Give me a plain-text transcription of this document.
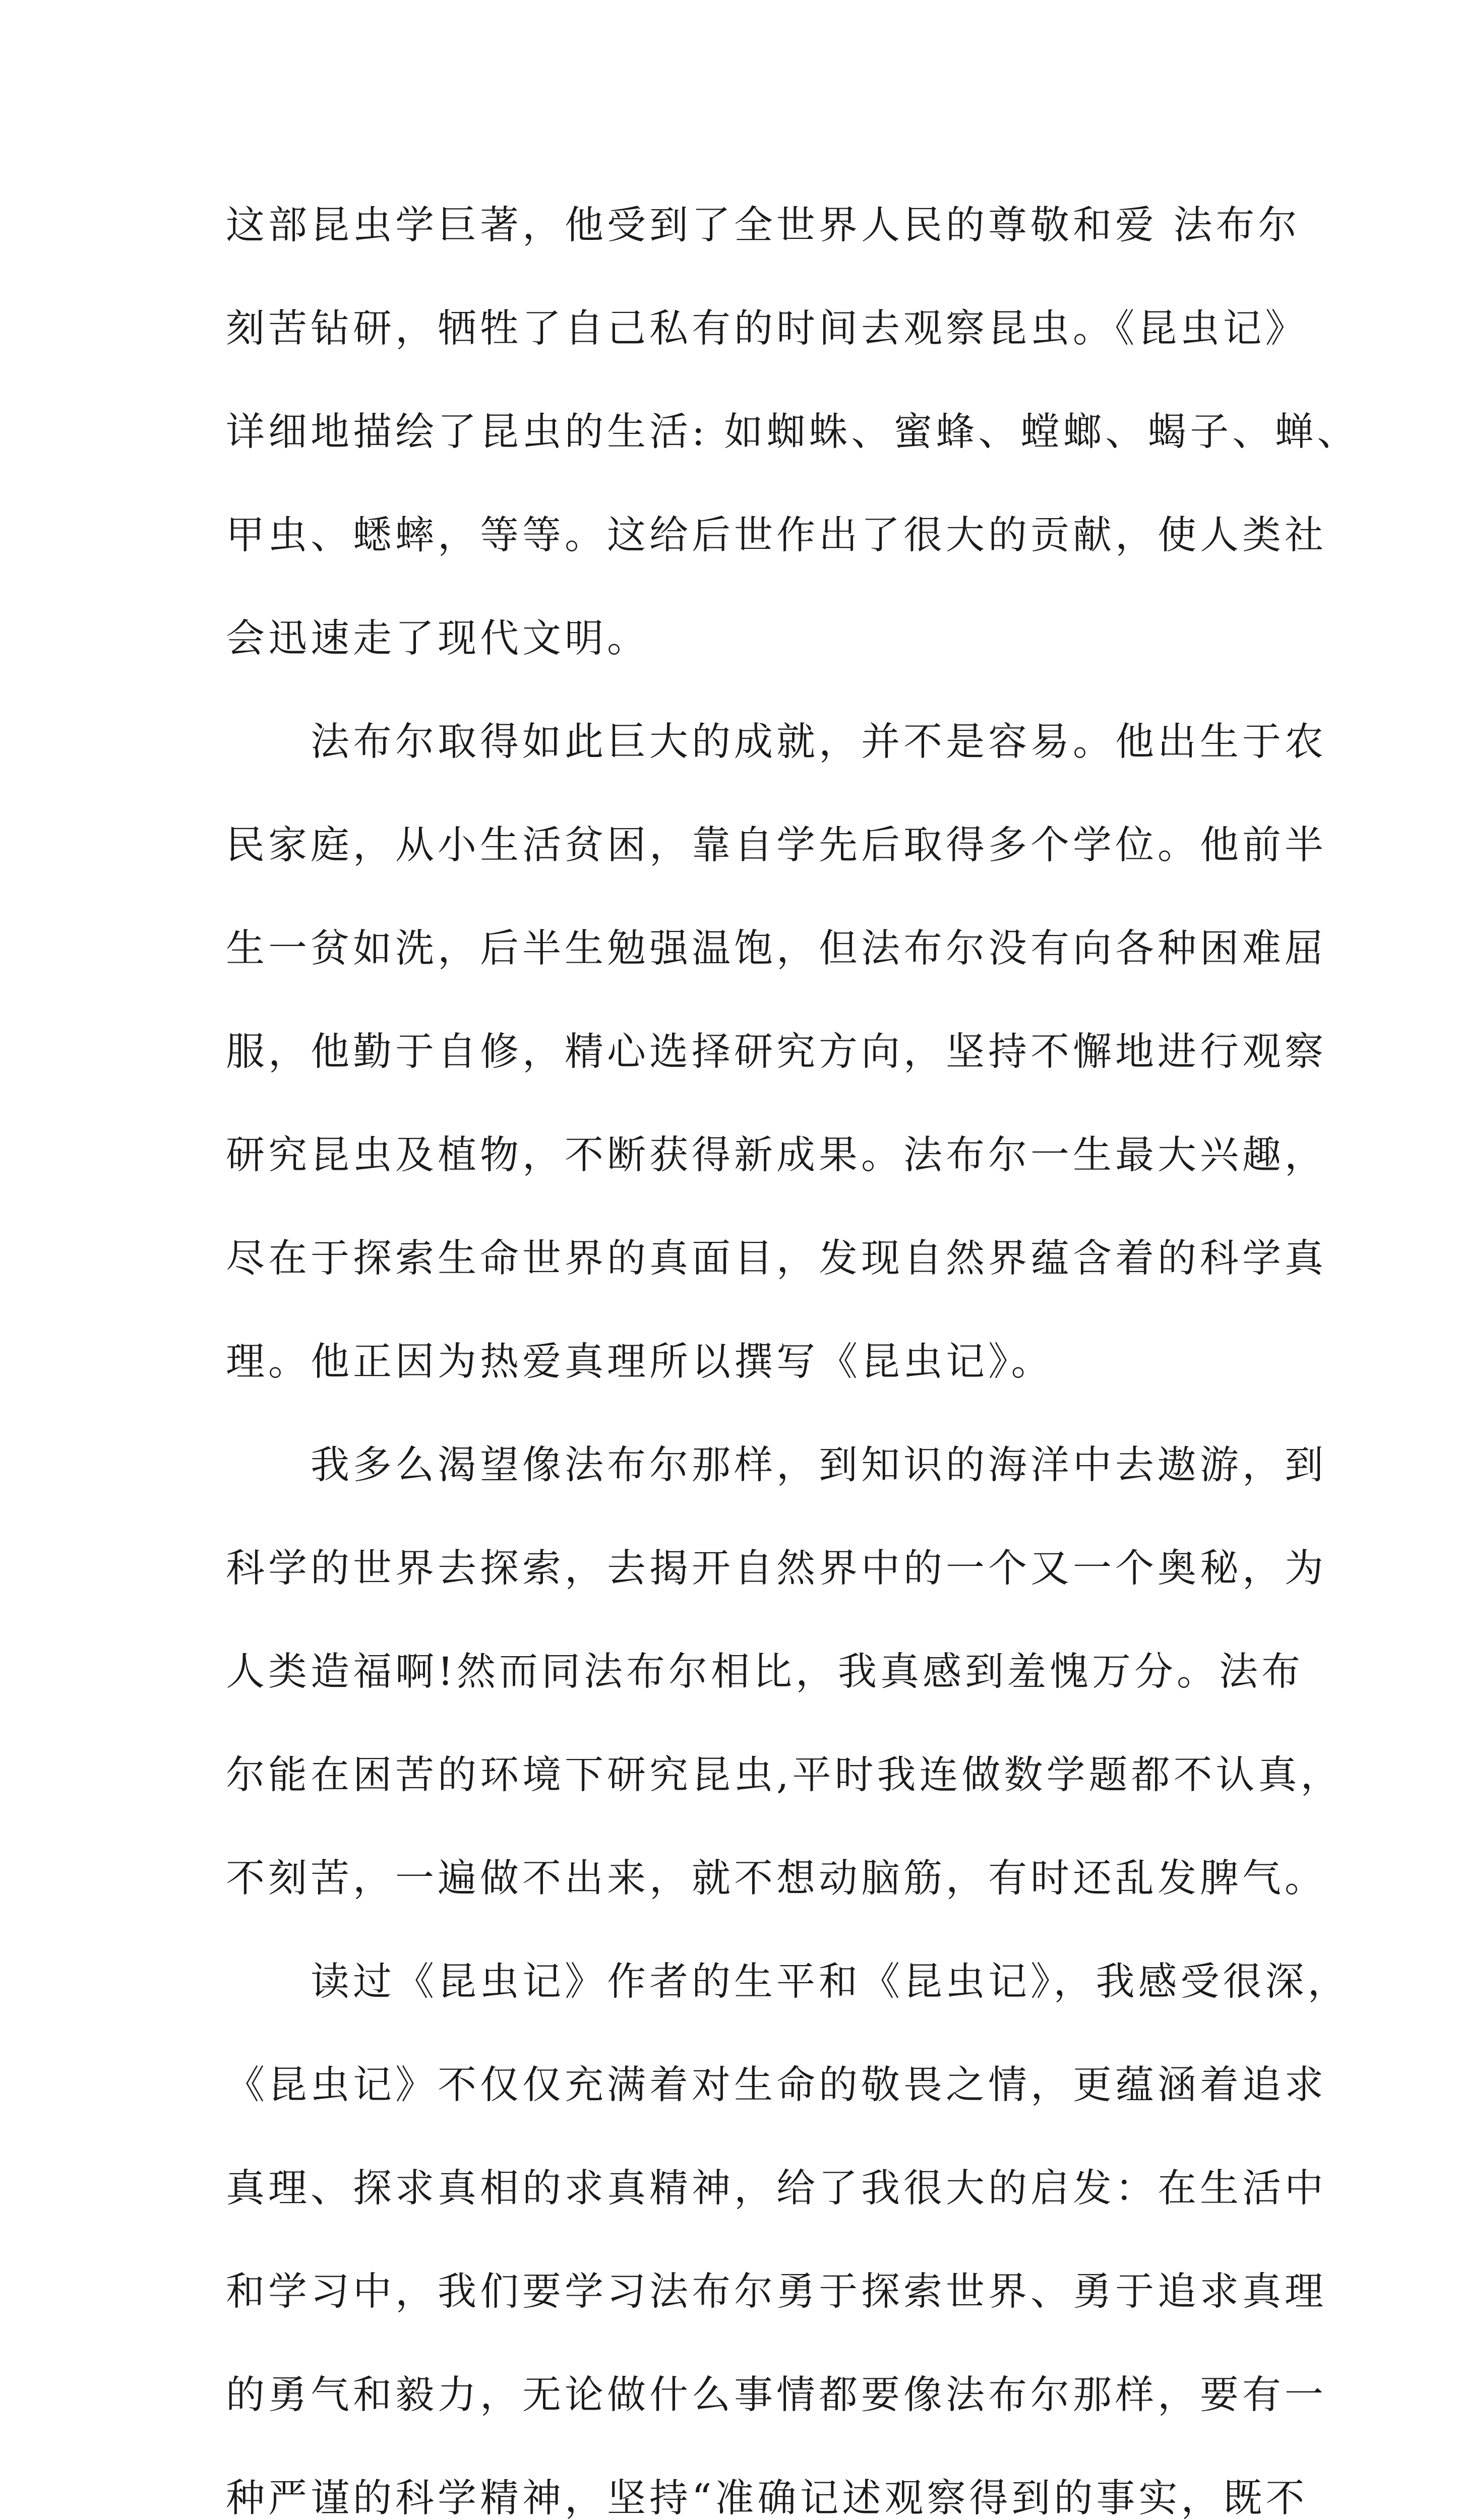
这部昆虫学巨著，他受到了全世界人民的尊敬和爱 法布尔
刻苦钻研，牺牲了自己私有的时间去观察昆虫。《昆虫记》
详细地描绘了昆虫的生活: 如蜘蛛、蜜蜂、螳螂、蝎子、蝉、
甲虫、蟋蟀，等等。这给后世作出了很大的贡献，使人类社
会迅速走了现代文明。
　　法布尔取得如此巨大的成就，并不是容易。他出生于农
民家庭，从小生活贫困，靠自学先后取得多个学位。他前半
生一贫如洗，后半生勉强温饱，但法布尔没有向各种困难屈
服，他勤于自修，精心选择研究方向，坚持不懈地进行观察
研究昆虫及植物，不断获得新成果。法布尔一生最大兴趣，
尽在于探索生命世界的真面目，发现自然界蕴含着的科学真
理。他正因为热爱真理所以撰写《昆虫记》。
　　我多么渴望像法布尔那样，到知识的海洋中去遨游，到
科学的世界去探索，去揭开自然界中的一个又一个奥秘，为
人类造福啊!然而同法布尔相比，我真感到羞愧万分。法布
尔能在困苦的环境下研究昆虫,平时我连做数学题都不认真，
不刻苦，一遍做不出来，就不想动脑筋，有时还乱发脾气。
　　读过《昆虫记》作者的生平和《昆虫记》，我感受很深，
《昆虫记》不仅仅充满着对生命的敬畏之情，更蕴涵着追求
真理、探求真相的求真精神，给了我很大的启发：在生活中
和学习中，我们要学习法布尔勇于探索世界、勇于追求真理
的勇气和毅力，无论做什么事情都要像法布尔那样，要有一
种严谨的科学精神，坚持“准确记述观察得到的事实，既不
